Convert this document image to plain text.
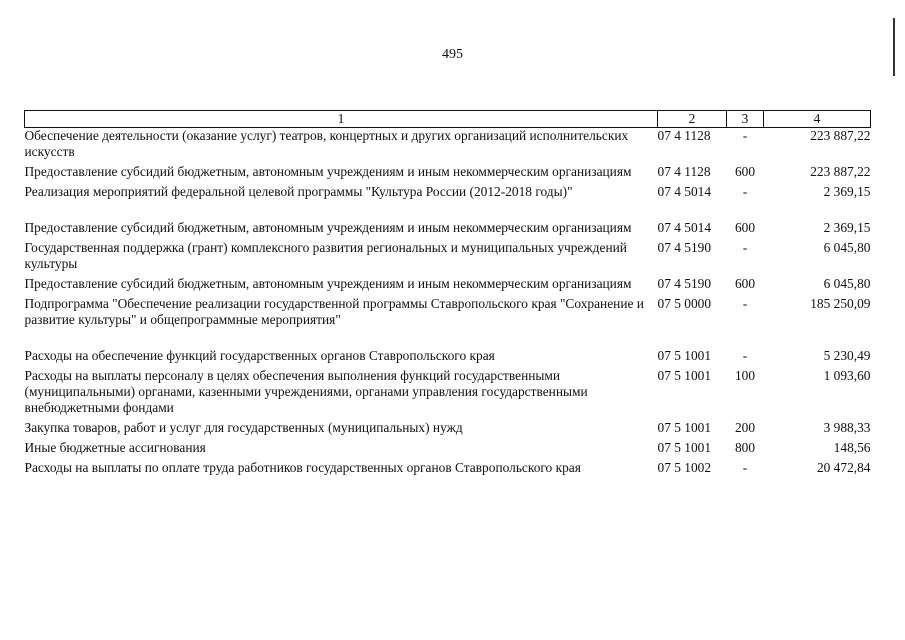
495
1	2	3	4
Обеспечение деятельности (оказание услуг) театров, концертных и других организаций исполнительских искусств	07 4 1128	-	223 887,22
Предоставление субсидий бюджетным, автономным учреждениям и иным некоммерческим организациям	07 4 1128	600	223 887,22
Реализация мероприятий федеральной целевой программы "Культура России (2012-2018 годы)"	07 4 5014	-	2 369,15
Предоставление субсидий бюджетным, автономным учреждениям и иным некоммерческим организациям	07 4 5014	600	2 369,15
Государственная поддержка (грант) комплексного развития региональных и муниципальных учреждений культуры	07 4 5190	-	6 045,80
Предоставление субсидий бюджетным, автономным учреждениям и иным некоммерческим организациям	07 4 5190	600	6 045,80
Подпрограмма "Обеспечение реализации государственной программы Ставропольского края "Сохранение и развитие культуры" и общепрограммные мероприятия"	07 5 0000	-	185 250,09
Расходы на обеспечение функций государственных органов Ставропольского края	07 5 1001	-	5 230,49
Расходы на выплаты персоналу в целях обеспечения выполнения функций государственными (муниципальными) органами, казенными учреждениями, органами управления государственными внебюджетными фондами	07 5 1001	100	1 093,60
Закупка товаров, работ и услуг для государственных (муниципальных) нужд	07 5 1001	200	3 988,33
Иные бюджетные ассигнования	07 5 1001	800	148,56
Расходы на выплаты по оплате труда работников государственных органов Ставропольского края	07 5 1002	-	20 472,84
